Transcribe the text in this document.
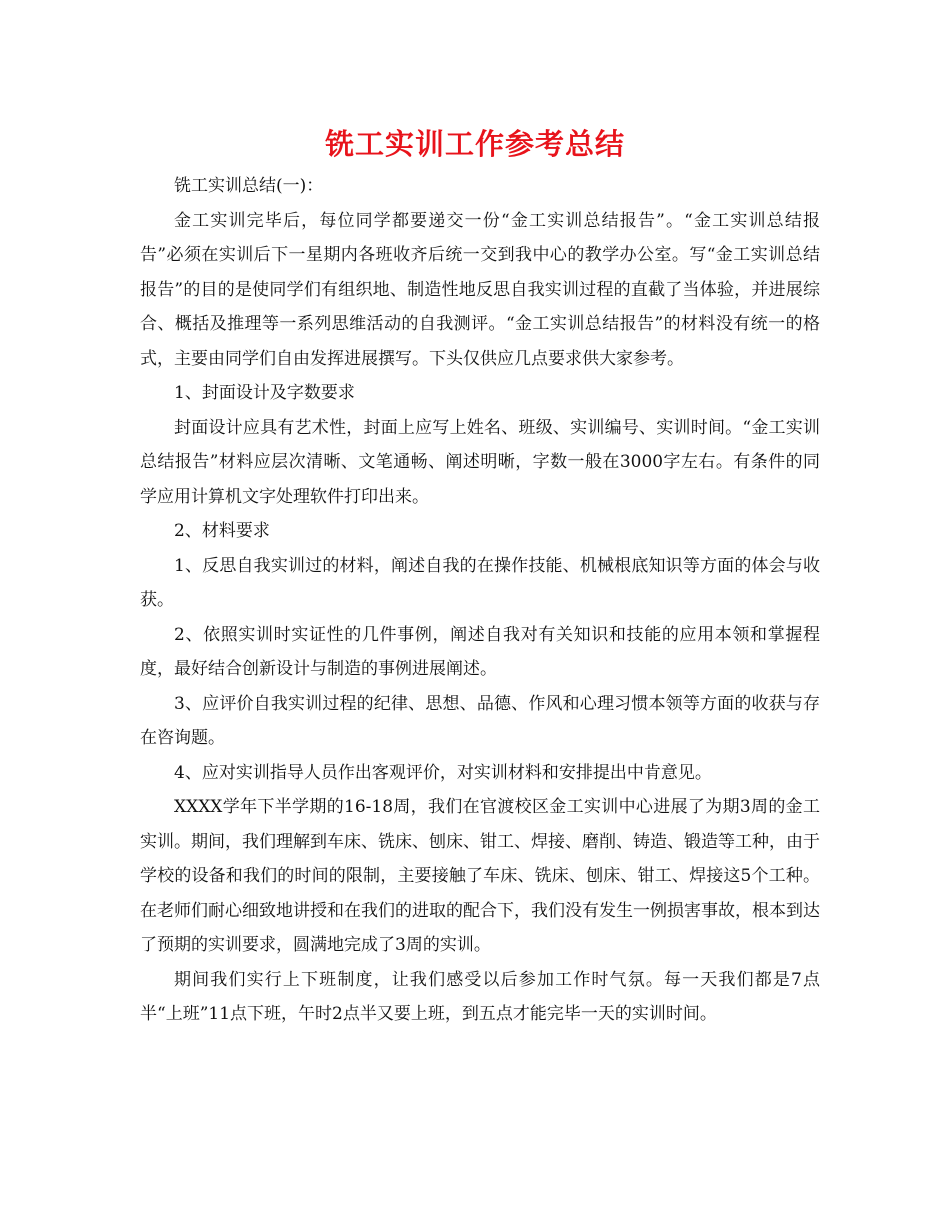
铣工实训工作参考总结

铣工实训总结(一)：

金工实训完毕后，每位同学都要递交一份“金工实训总结报告”。“金工实训总结报告”必须在实训后下一星期内各班收齐后统一交到我中心的教学办公室。写“金工实训总结报告”的目的是使同学们有组织地、制造性地反思自我实训过程的直截了当体验，并进展综合、概括及推理等一系列思维活动的自我测评。“金工实训总结报告”的材料没有统一的格式，主要由同学们自由发挥进展撰写。下头仅供应几点要求供大家参考。

1、封面设计及字数要求

封面设计应具有艺术性，封面上应写上姓名、班级、实训编号、实训时间。“金工实训总结报告”材料应层次清晰、文笔通畅、阐述明晰，字数一般在3000字左右。有条件的同学应用计算机文字处理软件打印出来。

2、材料要求

1、反思自我实训过的材料，阐述自我的在操作技能、机械根底知识等方面的体会与收获。

2、依照实训时实证性的几件事例，阐述自我对有关知识和技能的应用本领和掌握程度，最好结合创新设计与制造的事例进展阐述。

3、应评价自我实训过程的纪律、思想、品德、作风和心理习惯本领等方面的收获与存在咨询题。

4、应对实训指导人员作出客观评价，对实训材料和安排提出中肯意见。

XXXX学年下半学期的16-18周，我们在官渡校区金工实训中心进展了为期3周的金工实训。期间，我们理解到车床、铣床、刨床、钳工、焊接、磨削、铸造、锻造等工种，由于学校的设备和我们的时间的限制，主要接触了车床、铣床、刨床、钳工、焊接这5个工种。在老师们耐心细致地讲授和在我们的进取的配合下，我们没有发生一例损害事故，根本到达了预期的实训要求，圆满地完成了3周的实训。

期间我们实行上下班制度，让我们感受以后参加工作时气氛。每一天我们都是7点半“上班”11点下班，午时2点半又要上班，到五点才能完毕一天的实训时间。
